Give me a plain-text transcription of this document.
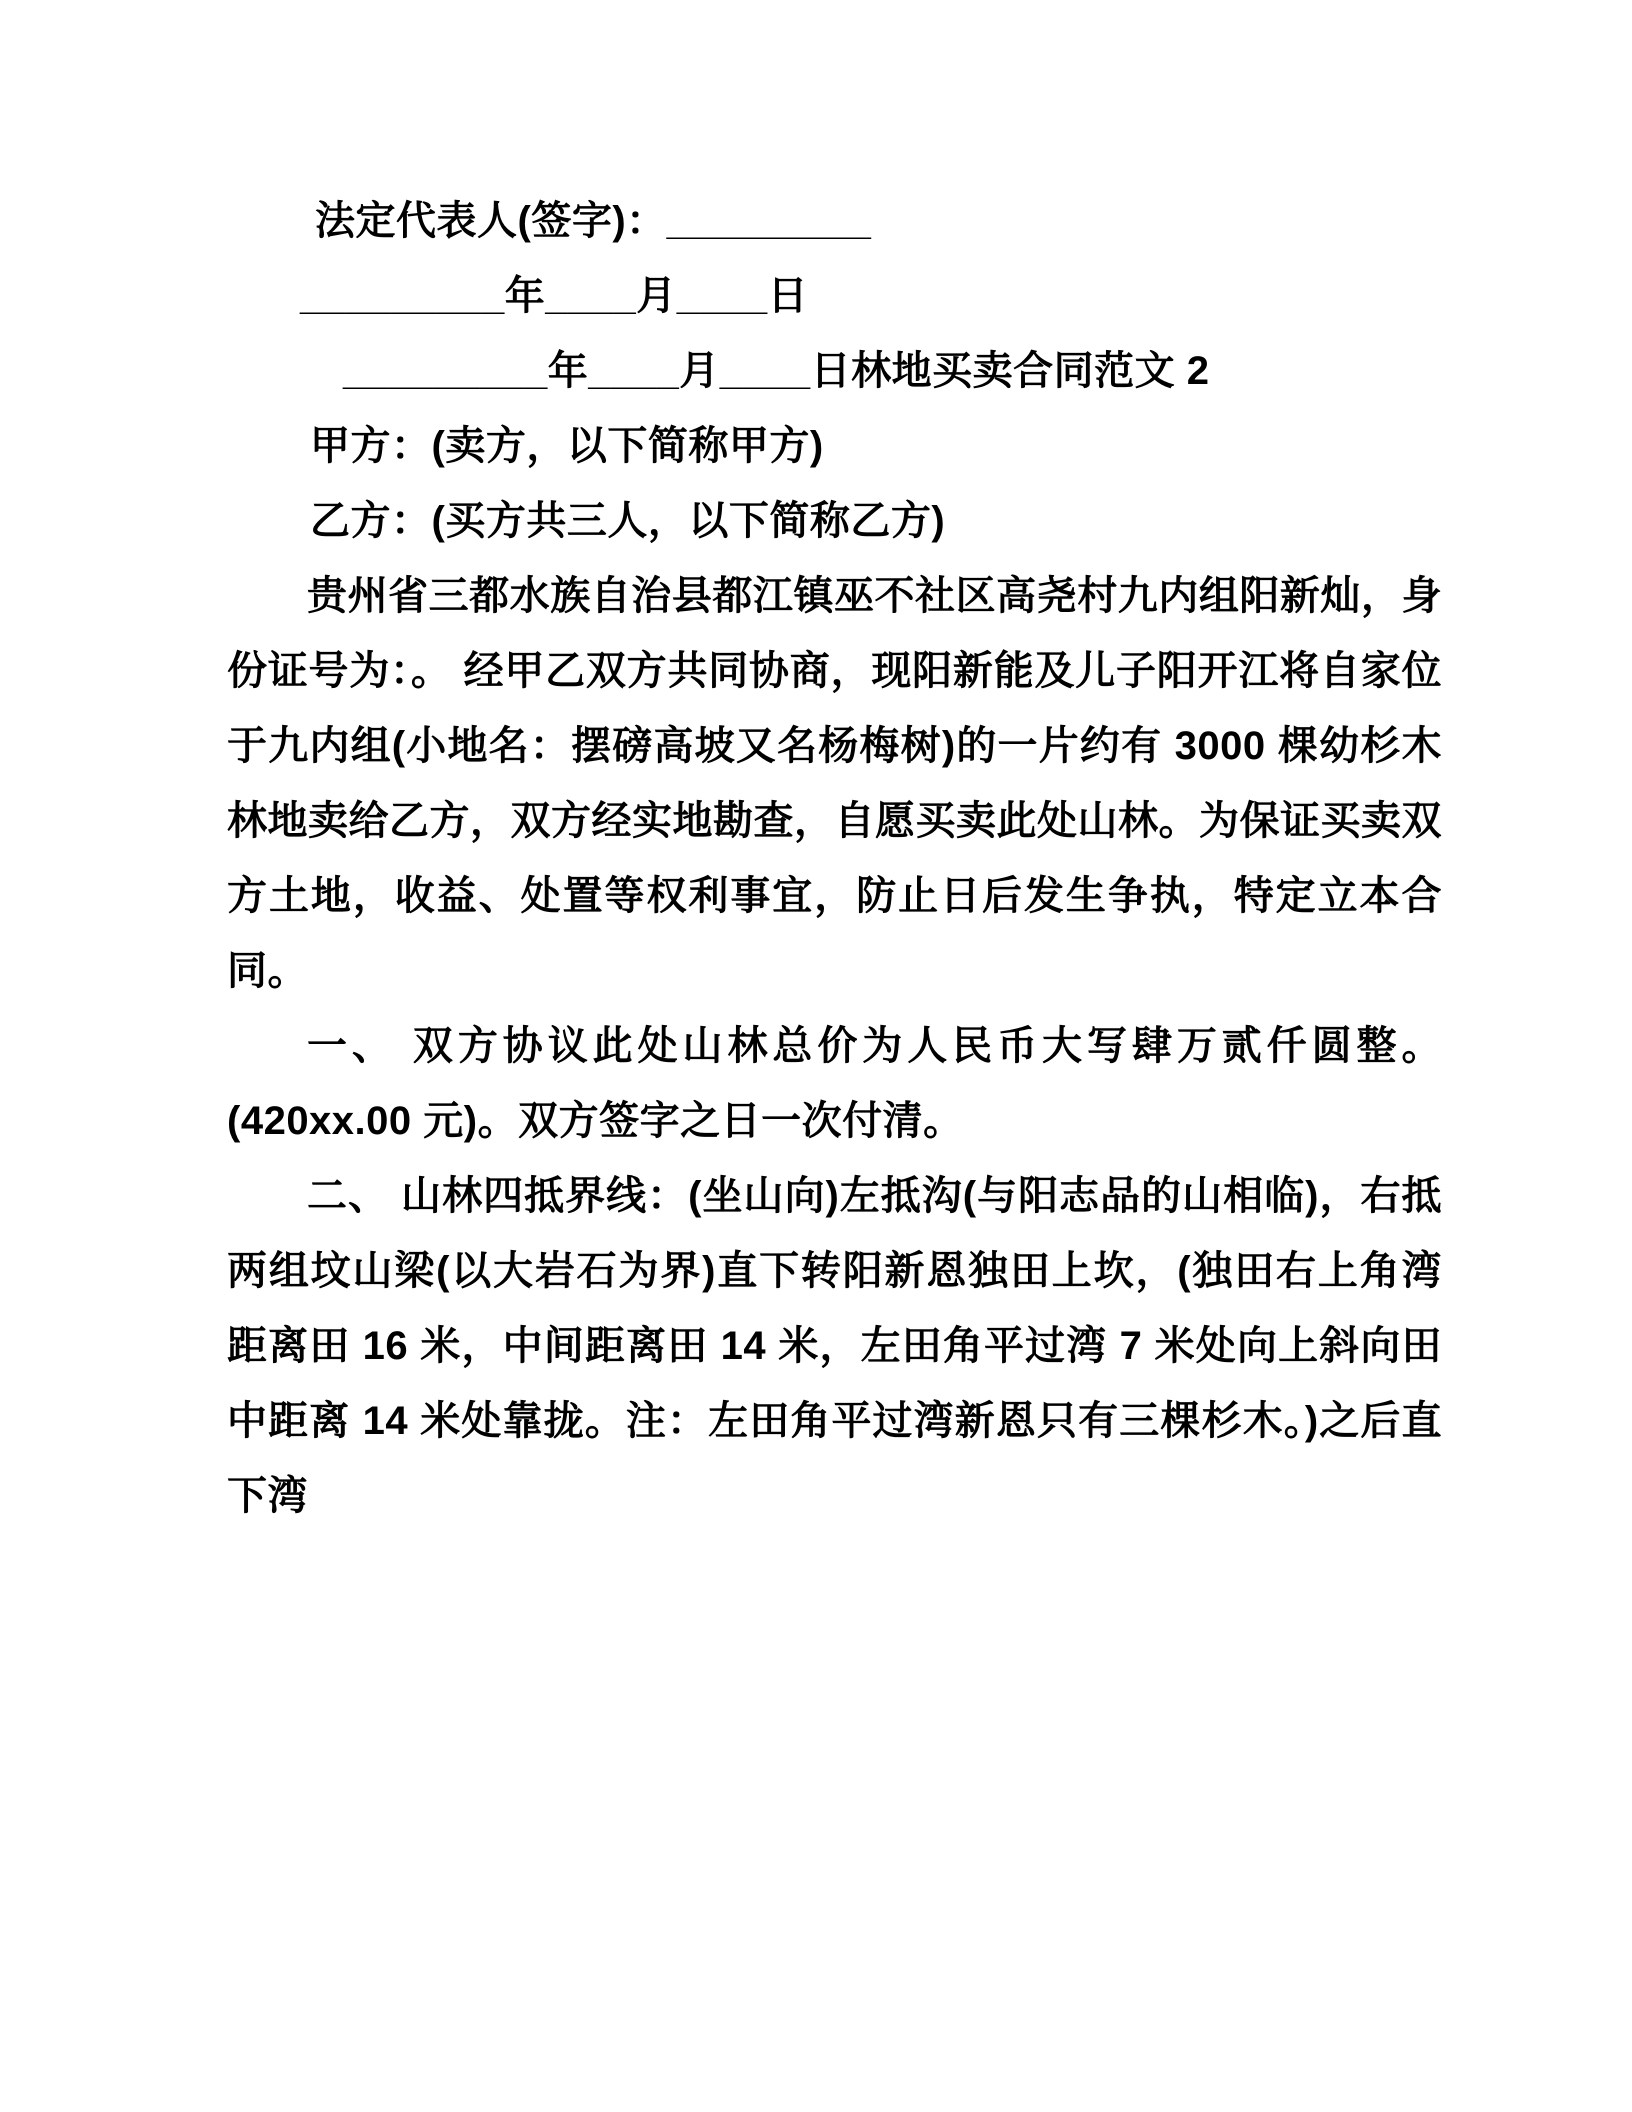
法定代表人(签字)：_________

_________年____月____日

_________年____月____日林地买卖合同范文 2

甲方：(卖方，以下简称甲方)

乙方：(买方共三人，以下简称乙方)

贵州省三都水族自治县都江镇巫不社区高尧村九内组阳新灿，身份证号为：。 经甲乙双方共同协商，现阳新能及儿子阳开江将自家位于九内组(小地名：摆磅高坡又名杨梅树)的一片约有 3000 棵幼杉木林地卖给乙方，双方经实地勘查，自愿买卖此处山林。为保证买卖双方土地，收益、处置等权利事宜，防止日后发生争执，特定立本合同。

一、 双方协议此处山林总价为人民币大写肆万贰仟圆整。(420xx.00 元)。双方签字之日一次付清。

二、 山林四抵界线：(坐山向)左抵沟(与阳志品的山相临)，右抵两组坟山梁(以大岩石为界)直下转阳新恩独田上坎，(独田右上角湾距离田 16 米，中间距离田 14 米，左田角平过湾 7 米处向上斜向田中距离 14 米处靠拢。注：左田角平过湾新恩只有三棵杉木。)之后直下湾
